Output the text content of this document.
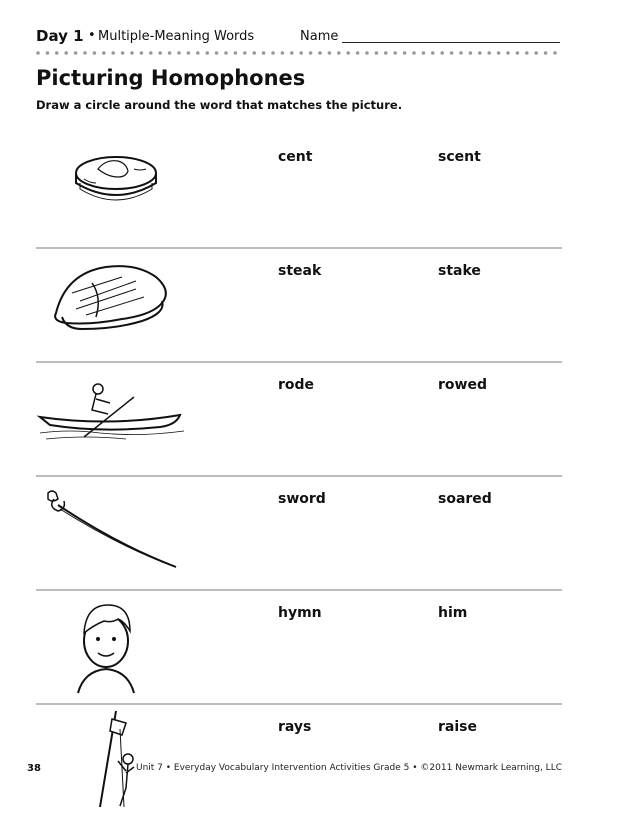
Day 1 • Multiple-Meaning Words	Name
Picturing Homophones
Draw a circle around the word that matches the picture.
cent	scent
steak	stake
rode	rowed
sword	soared
hymn	him
rays	raise
38	Unit 7 • Everyday Vocabulary Intervention Activities Grade 5 • ©2011 Newmark Learning, LLC
